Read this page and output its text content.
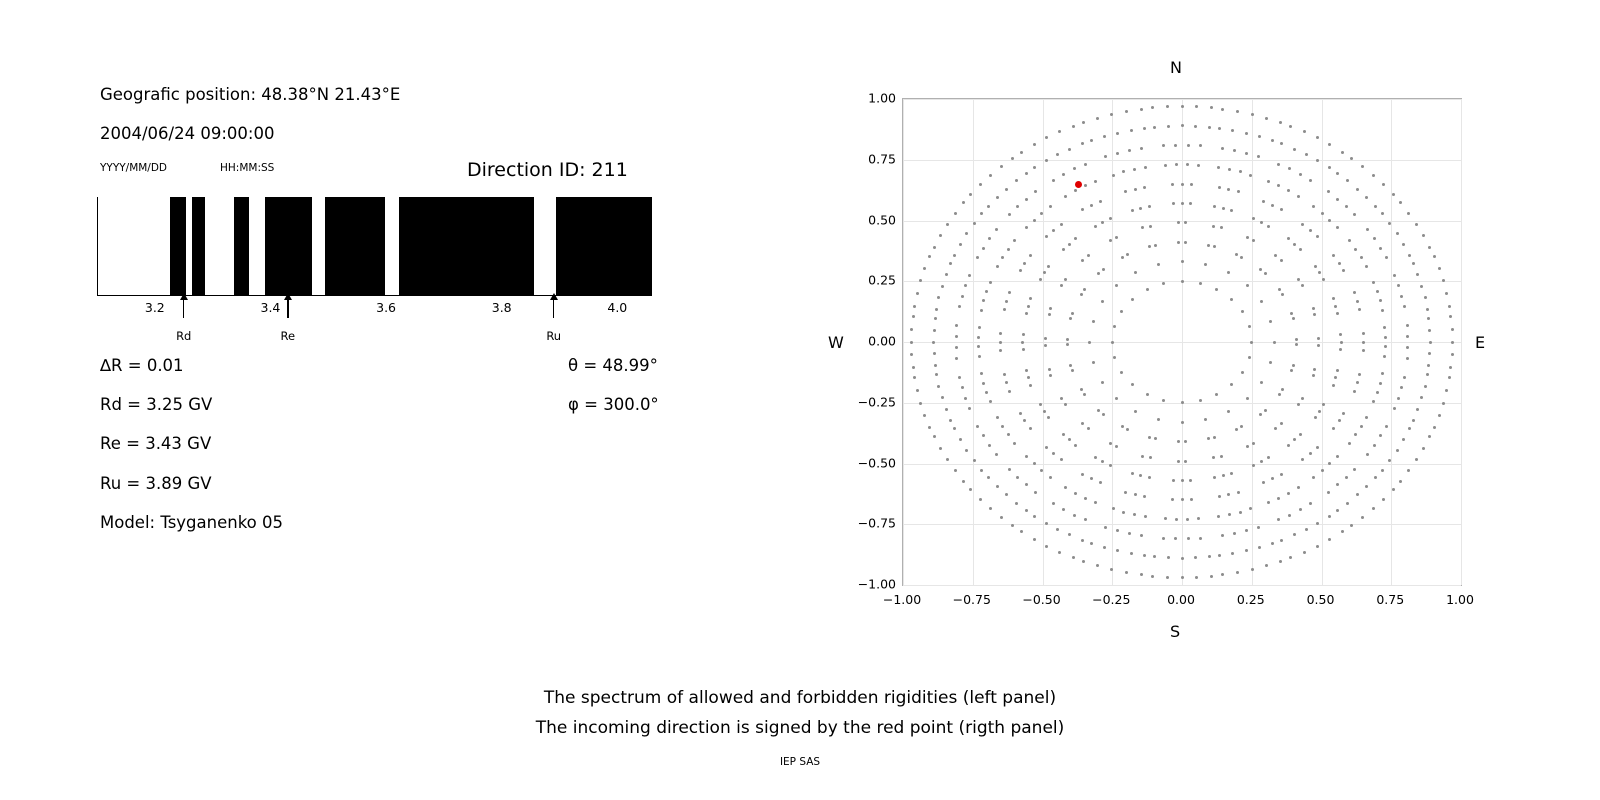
Geografic position: 48.38°N 21.43°E
2004/06/24 09:00:00
YYYY/MM/DD	HH:MM:SS	Direction ID: 211
3.2	3.4	3.6	3.8	4.0
Rd	Re	Ru
∆R = 0.01
Rd = 3.25 GV
Re = 3.43 GV
Ru = 3.89 GV
Model: Tsyganenko 05
θ = 48.99°
φ = 300.0°
N
S
W	E
−1.00	−0.75	−0.50	−0.25	0.00	0.25	0.50	0.75	1.00
−1.00
−0.75
−0.50
−0.25
0.00
0.25
0.50
0.75
1.00
The spectrum of allowed and forbidden rigidities (left panel)
The incoming direction is signed by the red point (rigth panel)
IEP SAS
